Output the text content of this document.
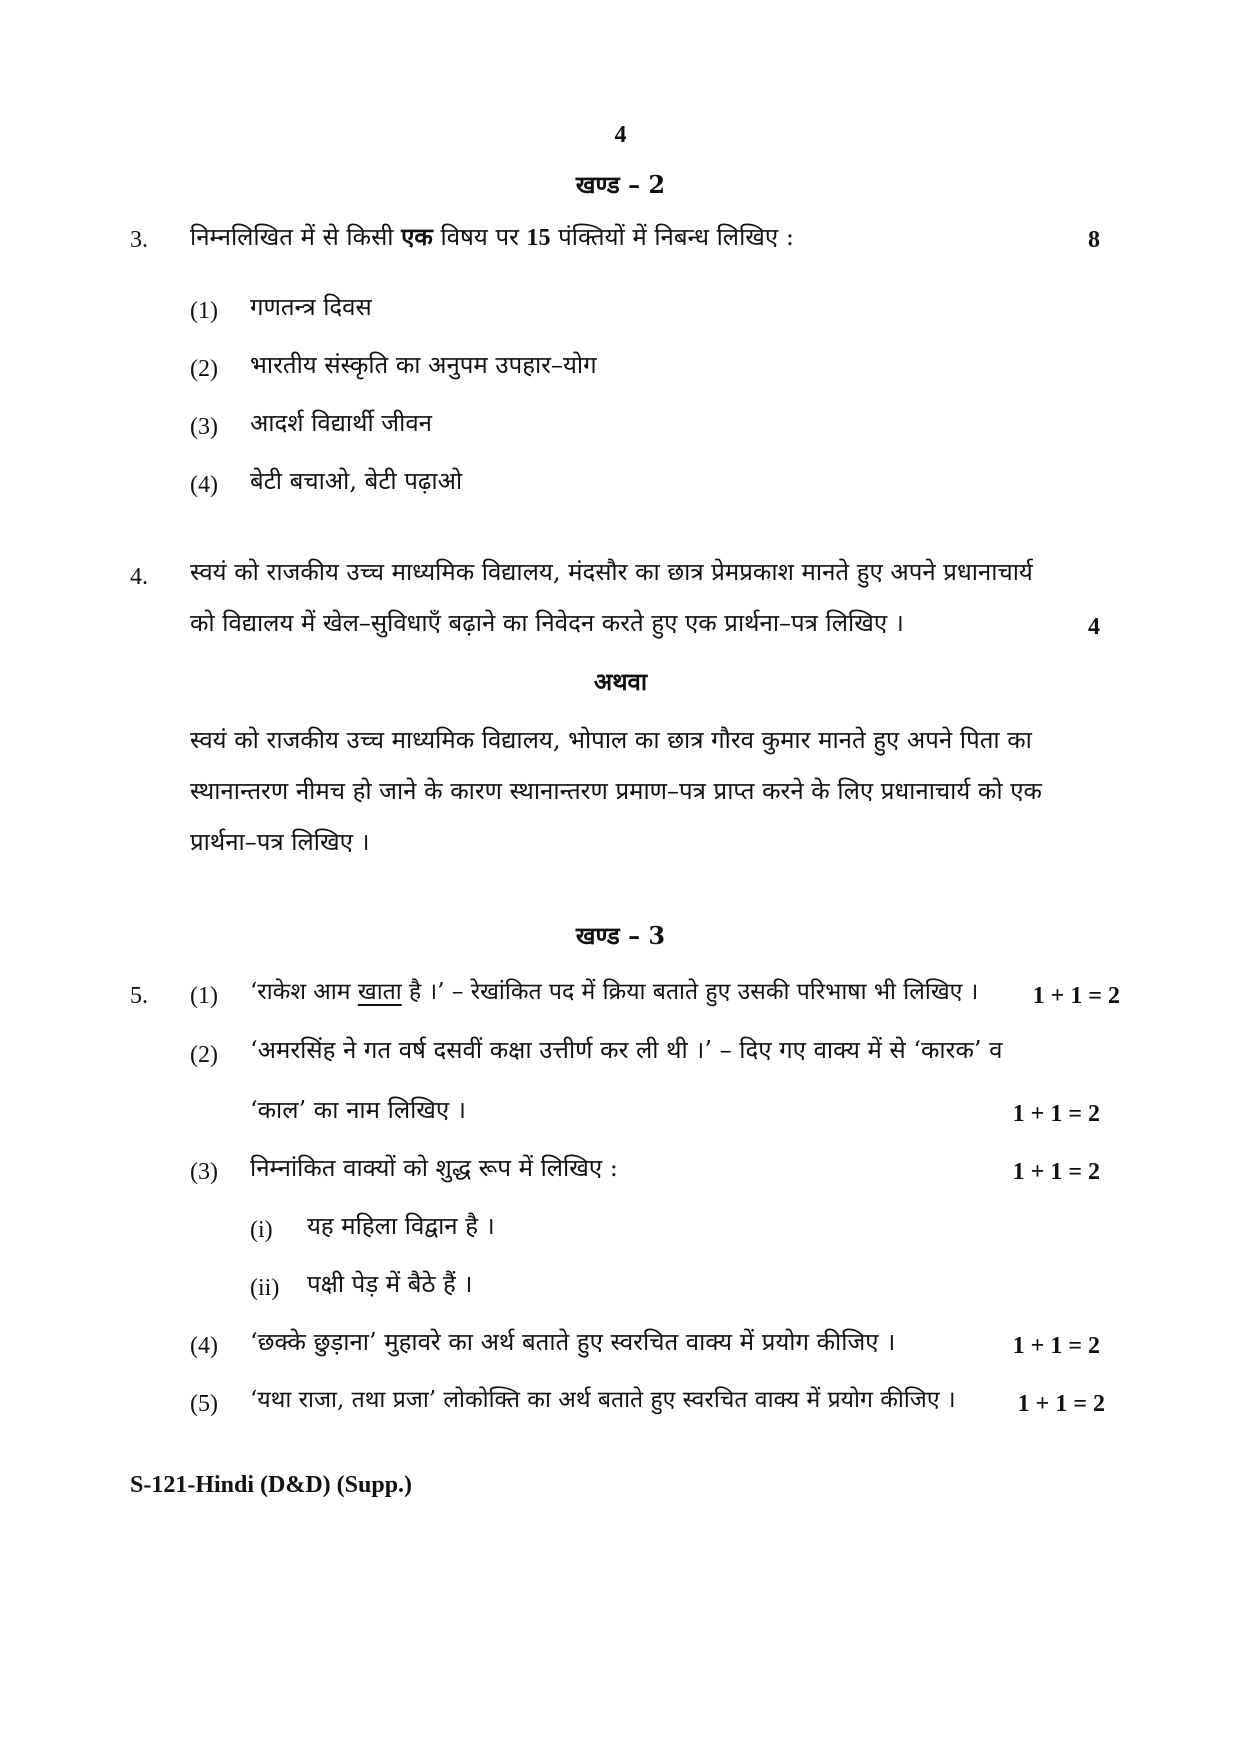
4
खण्ड – 2
3. निम्नलिखित में से किसी एक विषय पर 15 पंक्तियों में निबन्ध लिखिए :	8
(1) गणतन्त्र दिवस
(2) भारतीय संस्कृति का अनुपम उपहार–योग
(3) आदर्श विद्यार्थी जीवन
(4) बेटी बचाओ, बेटी पढ़ाओ
4. स्वयं को राजकीय उच्च माध्यमिक विद्यालय, मंदसौर का छात्र प्रेमप्रकाश मानते हुए अपने प्रधानाचार्य
को विद्यालय में खेल–सुविधाएँ बढ़ाने का निवेदन करते हुए एक प्रार्थना–पत्र लिखिए ।	4
अथवा
स्वयं को राजकीय उच्च माध्यमिक विद्यालय, भोपाल का छात्र गौरव कुमार मानते हुए अपने पिता का
स्थानान्तरण नीमच हो जाने के कारण स्थानान्तरण प्रमाण–पत्र प्राप्त करने के लिए प्रधानाचार्य को एक
प्रार्थना–पत्र लिखिए ।
खण्ड – 3
5. (1) ‘राकेश आम खाता है ।’ – रेखांकित पद में क्रिया बताते हुए उसकी परिभाषा भी लिखिए ।	1 + 1 = 2
(2) ‘अमरसिंह ने गत वर्ष दसवीं कक्षा उत्तीर्ण कर ली थी ।’ – दिए गए वाक्य में से ‘कारक’ व
‘काल’ का नाम लिखिए ।	1 + 1 = 2
(3) निम्नांकित वाक्यों को शुद्ध रूप में लिखिए :	1 + 1 = 2
(i) यह महिला विद्वान है ।
(ii) पक्षी पेड़ में बैठे हैं ।
(4) ‘छक्के छुड़ाना’ मुहावरे का अर्थ बताते हुए स्वरचित वाक्य में प्रयोग कीजिए ।	1 + 1 = 2
(5) ‘यथा राजा, तथा प्रजा’ लोकोक्ति का अर्थ बताते हुए स्वरचित वाक्य में प्रयोग कीजिए ।	1 + 1 = 2
S-121-Hindi (D&D) (Supp.)
